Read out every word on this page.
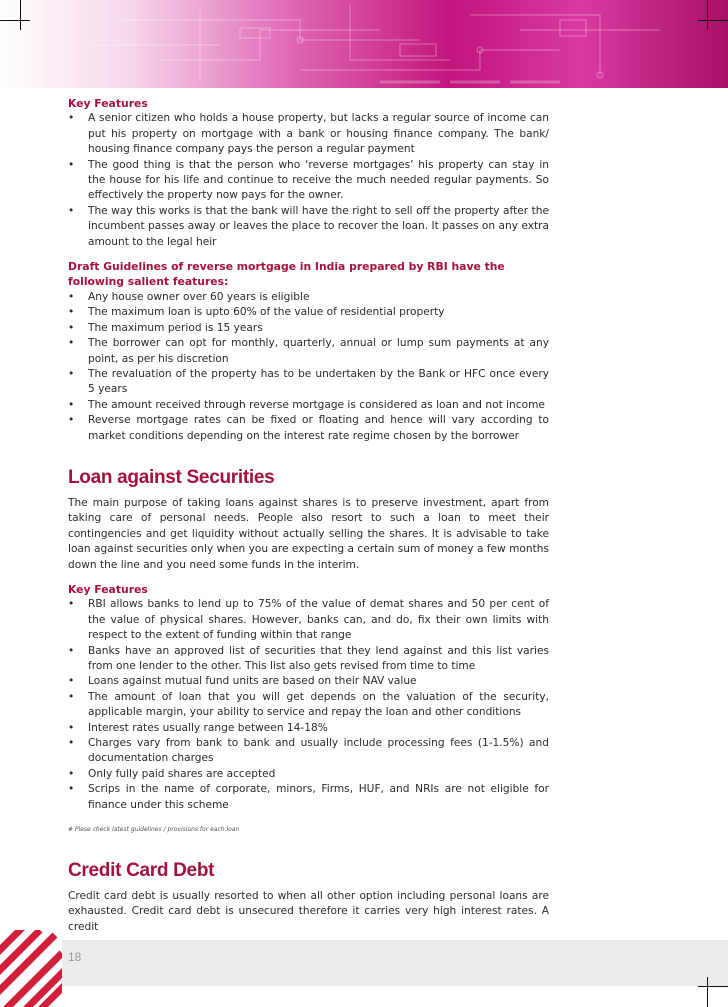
Key Features
• A senior citizen who holds a house property, but lacks a regular source of income can put his property on mortgage with a bank or housing finance company. The bank/ housing finance company pays the person a regular payment
• The good thing is that the person who ‘reverse mortgages’ his property can stay in the house for his life and continue to receive the much needed regular payments. So effectively the property now pays for the owner.
• The way this works is that the bank will have the right to sell off the property after the incumbent passes away or leaves the place to recover the loan. It passes on any extra amount to the legal heir
Draft Guidelines of reverse mortgage in India prepared by RBI have the following salient features:
• Any house owner over 60 years is eligible
• The maximum loan is upto 60% of the value of residential property
• The maximum period is 15 years
• The borrower can opt for monthly, quarterly, annual or lump sum payments at any point, as per his discretion
• The revaluation of the property has to be undertaken by the Bank or HFC once every 5 years
• The amount received through reverse mortgage is considered as loan and not income
• Reverse mortgage rates can be fixed or floating and hence will vary according to market conditions depending on the interest rate regime chosen by the borrower
Loan against Securities
The main purpose of taking loans against shares is to preserve investment, apart from taking care of personal needs. People also resort to such a loan to meet their contingencies and get liquidity without actually selling the shares. It is advisable to take loan against securities only when you are expecting a certain sum of money a few months down the line and you need some funds in the interim.
Key Features
• RBI allows banks to lend up to 75% of the value of demat shares and 50 per cent of the value of physical shares. However, banks can, and do, fix their own limits with respect to the extent of funding within that range
• Banks have an approved list of securities that they lend against and this list varies from one lender to the other. This list also gets revised from time to time
• Loans against mutual fund units are based on their NAV value
• The amount of loan that you will get depends on the valuation of the security, applicable margin, your ability to service and repay the loan and other conditions
• Interest rates usually range between 14-18%
• Charges vary from bank to bank and usually include processing fees (1-1.5%) and documentation charges
• Only fully paid shares are accepted
• Scrips in the name of corporate, minors, Firms, HUF, and NRIs are not eligible for finance under this scheme
# Plese check latest guidelines / provisions for each loan
Credit Card Debt
Credit card debt is usually resorted to when all other option including personal loans are exhausted. Credit card debt is unsecured therefore it carries very high interest rates. A credit
18
